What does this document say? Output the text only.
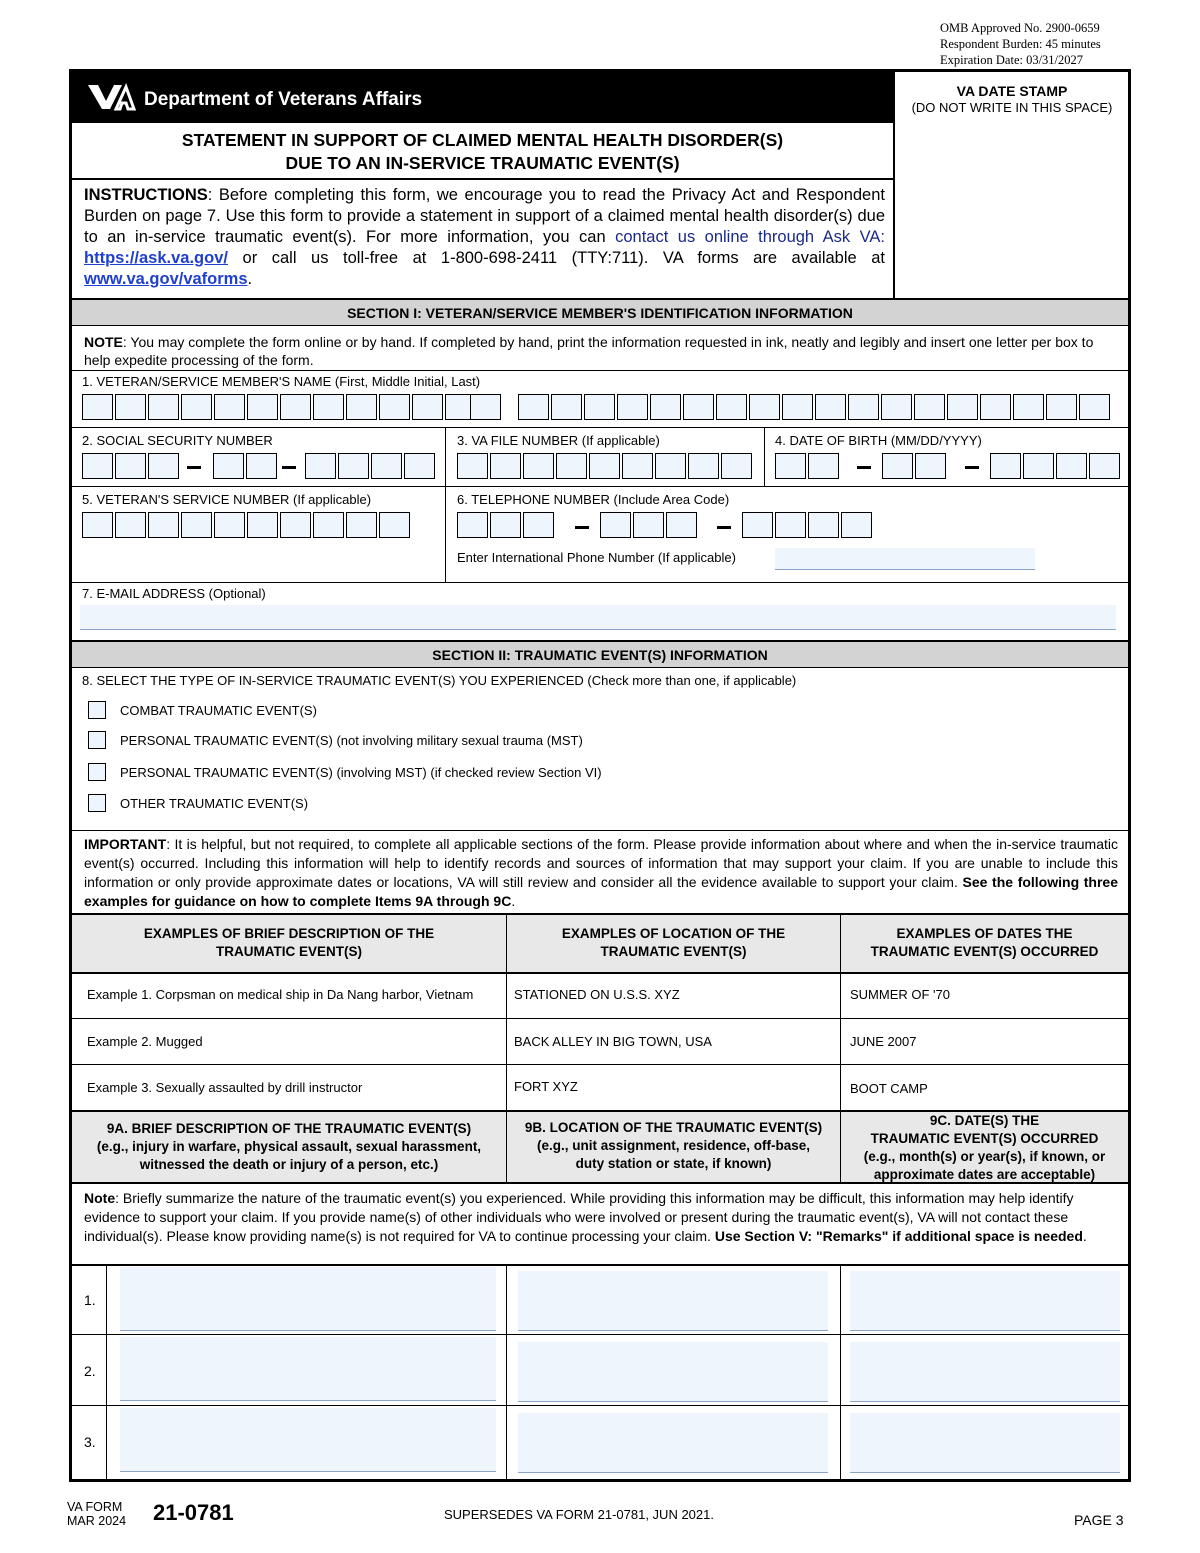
OMB Approved No. 2900-0659
Respondent Burden: 45 minutes
Expiration Date: 03/31/2027
Department of Veterans Affairs	VA DATE STAMP
(DO NOT WRITE IN THIS SPACE)
STATEMENT IN SUPPORT OF CLAIMED MENTAL HEALTH DISORDER(S)
DUE TO AN IN-SERVICE TRAUMATIC EVENT(S)
INSTRUCTIONS: Before completing this form, we encourage you to read the Privacy Act and Respondent Burden on page 7. Use this form to provide a statement in support of a claimed mental health disorder(s) due to an in-service traumatic event(s). For more information, you can contact us online through Ask VA: https://ask.va.gov/ or call us toll-free at 1-800-698-2411 (TTY:711). VA forms are available at www.va.gov/vaforms.
SECTION I: VETERAN/SERVICE MEMBER'S IDENTIFICATION INFORMATION
NOTE: You may complete the form online or by hand. If completed by hand, print the information requested in ink, neatly and legibly and insert one letter per box to help expedite processing of the form.
1. VETERAN/SERVICE MEMBER'S NAME (First, Middle Initial, Last)
2. SOCIAL SECURITY NUMBER	3. VA FILE NUMBER (If applicable)	4. DATE OF BIRTH (MM/DD/YYYY)
5. VETERAN'S SERVICE NUMBER (If applicable)	6. TELEPHONE NUMBER (Include Area Code)
Enter International Phone Number (If applicable)
7. E-MAIL ADDRESS (Optional)
SECTION II: TRAUMATIC EVENT(S) INFORMATION
8. SELECT THE TYPE OF IN-SERVICE TRAUMATIC EVENT(S) YOU EXPERIENCED (Check more than one, if applicable)
COMBAT TRAUMATIC EVENT(S)
PERSONAL TRAUMATIC EVENT(S) (not involving military sexual trauma (MST)
PERSONAL TRAUMATIC EVENT(S) (involving MST) (if checked review Section VI)
OTHER TRAUMATIC EVENT(S)
IMPORTANT: It is helpful, but not required, to complete all applicable sections of the form. Please provide information about where and when the in-service traumatic event(s) occurred. Including this information will help to identify records and sources of information that may support your claim. If you are unable to include this information or only provide approximate dates or locations, VA will still review and consider all the evidence available to support your claim. See the following three examples for guidance on how to complete Items 9A through 9C.
EXAMPLES OF BRIEF DESCRIPTION OF THE
TRAUMATIC EVENT(S)
EXAMPLES OF LOCATION OF THE
TRAUMATIC EVENT(S)
EXAMPLES OF DATES THE
TRAUMATIC EVENT(S) OCCURRED
Example 1. Corpsman on medical ship in Da Nang harbor, Vietnam	STATIONED ON U.S.S. XYZ	SUMMER OF '70
Example 2. Mugged	BACK ALLEY IN BIG TOWN, USA	JUNE 2007
Example 3. Sexually assaulted by drill instructor	FORT XYZ	BOOT CAMP
9A. BRIEF DESCRIPTION OF THE TRAUMATIC EVENT(S)
(e.g., injury in warfare, physical assault, sexual harassment,
witnessed the death or injury of a person, etc.)
9B. LOCATION OF THE TRAUMATIC EVENT(S)
(e.g., unit assignment, residence, off-base,
duty station or state, if known)
9C. DATE(S) THE
TRAUMATIC EVENT(S) OCCURRED
(e.g., month(s) or year(s), if known, or
approximate dates are acceptable)
Note: Briefly summarize the nature of the traumatic event(s) you experienced. While providing this information may be difficult, this information may help identify evidence to support your claim. If you provide name(s) of other individuals who were involved or present during the traumatic event(s), VA will not contact these individual(s). Please know providing name(s) is not required for VA to continue processing your claim. Use Section V: "Remarks" if additional space is needed.
1.
2.
3.
VA FORM
MAR 2024 21-0781	SUPERSEDES VA FORM 21-0781, JUN 2021.	PAGE 3
